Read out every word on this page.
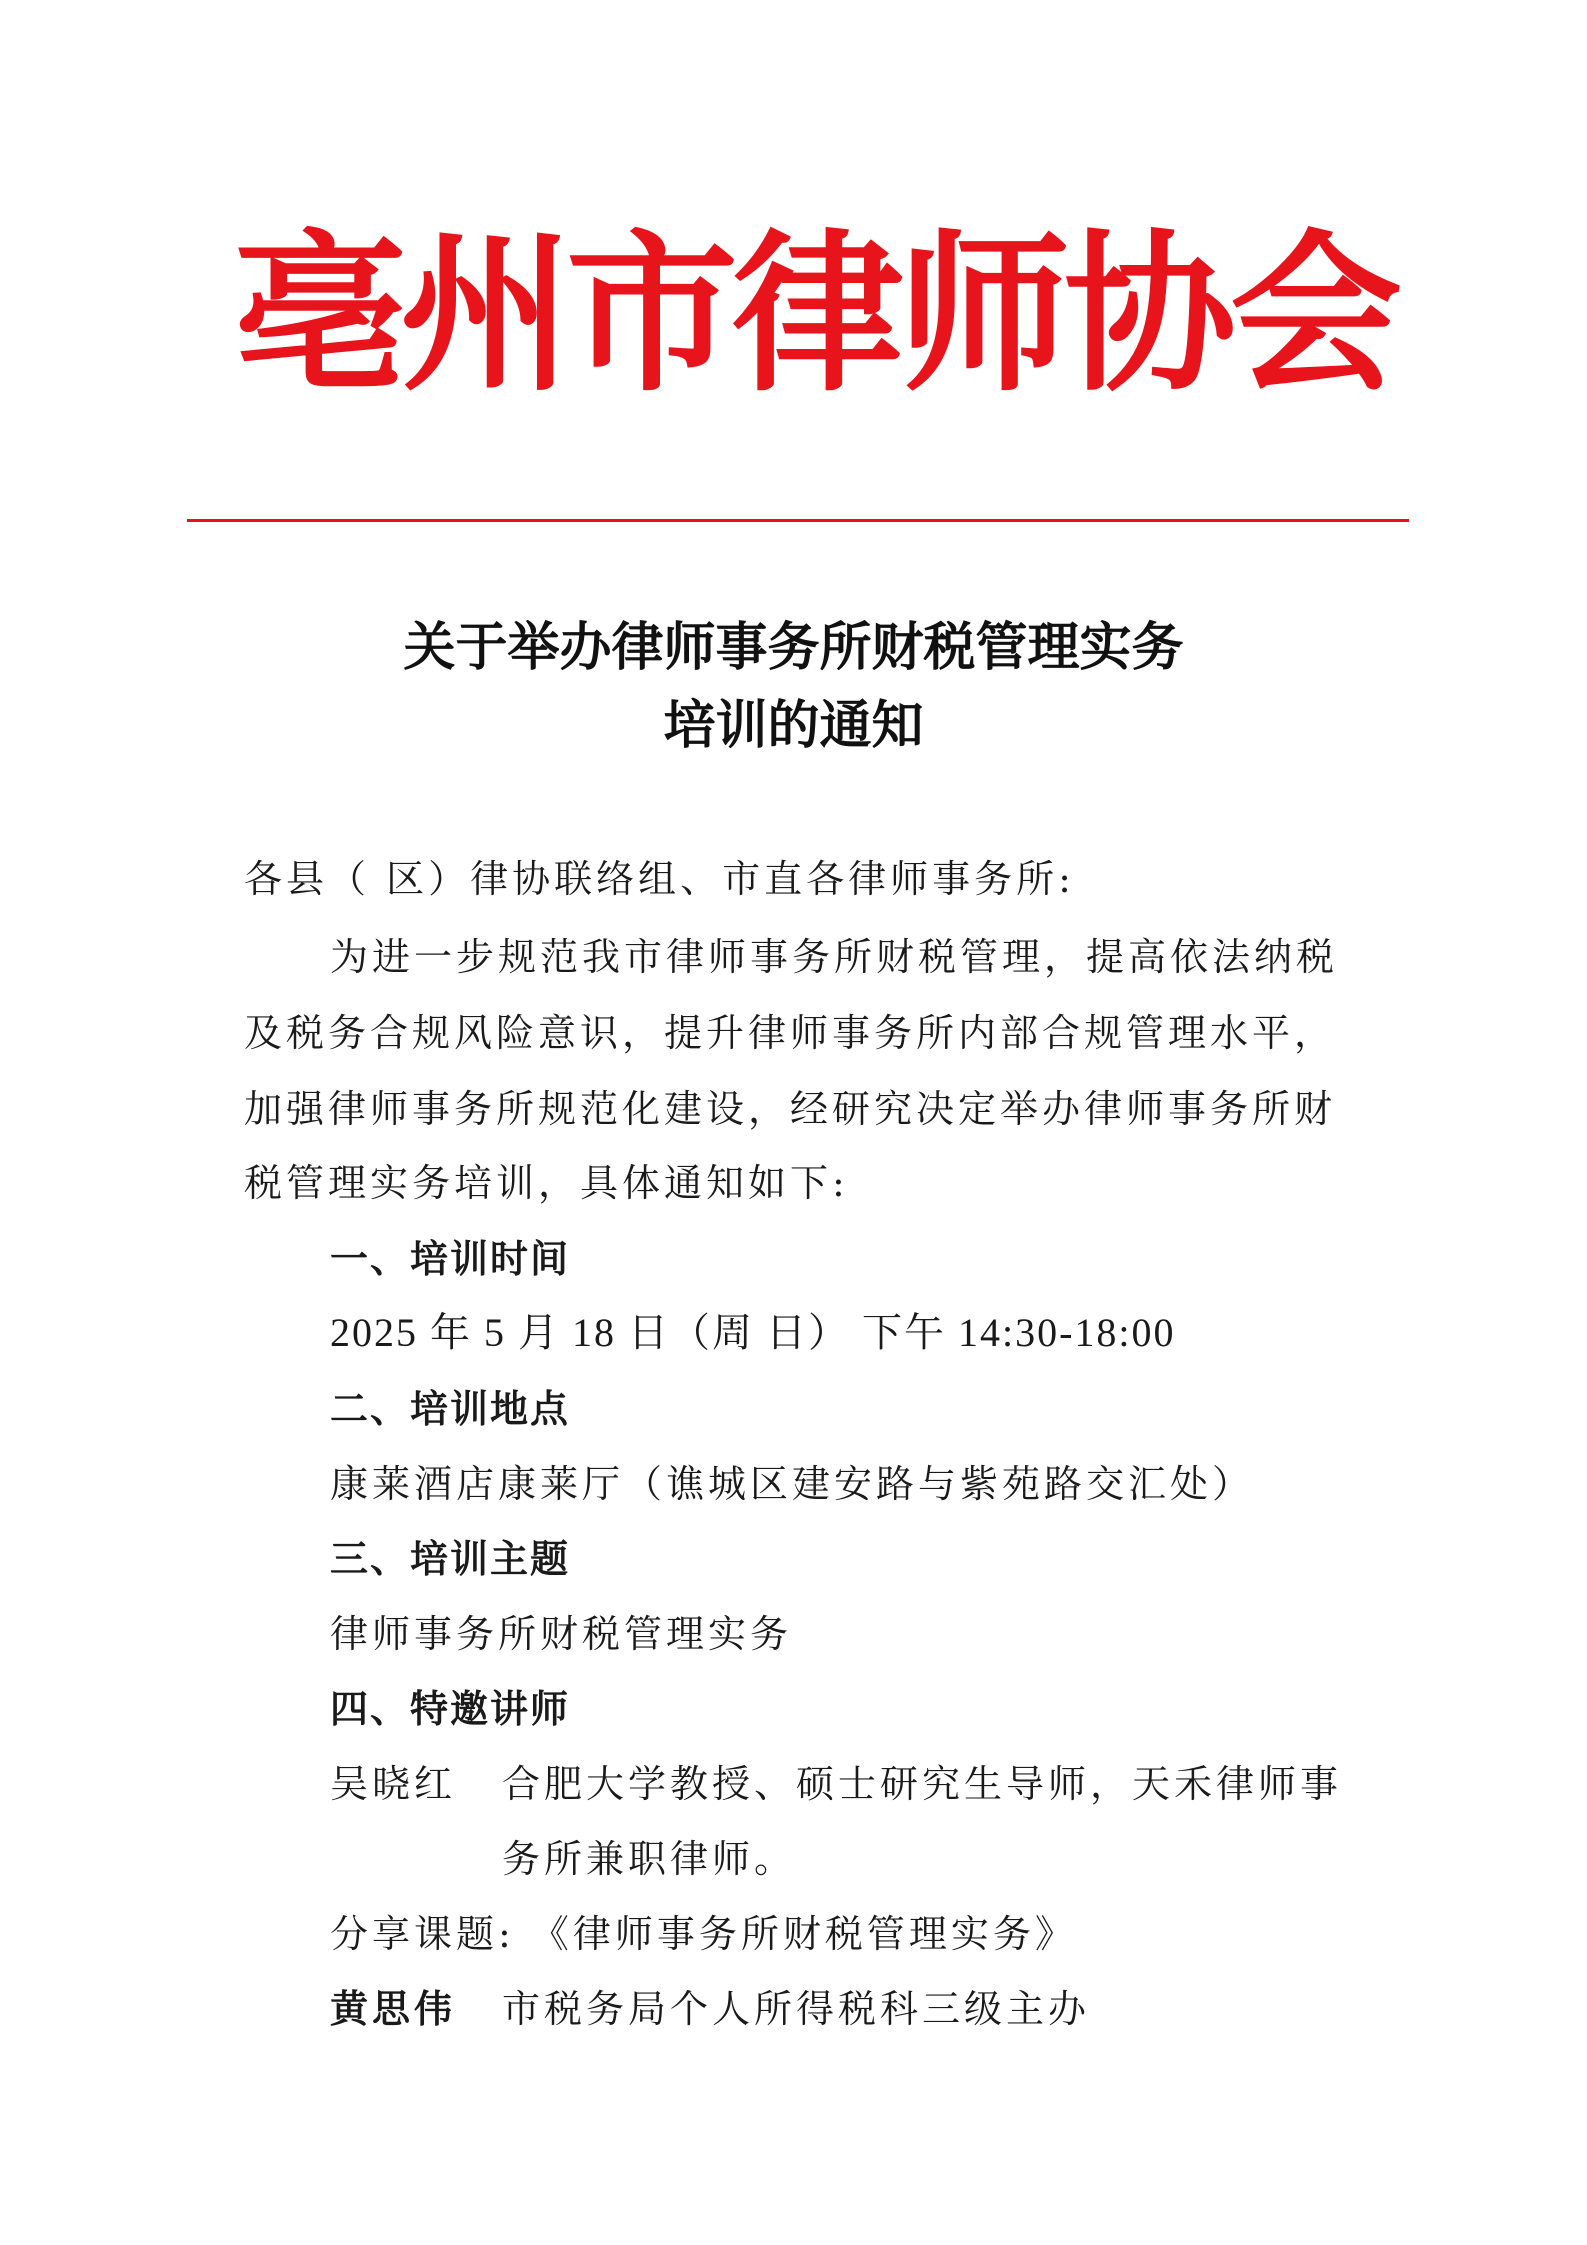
亳州市律师协会
关于举办律师事务所财税管理实务
培训的通知
各县（ 区）律协联络组、市直各律师事务所:
为进一步规范我市律师事务所财税管理，提高依法纳税
及税务合规风险意识，提升律师事务所内部合规管理水平，
加强律师事务所规范化建设，经研究决定举办律师事务所财
税管理实务培训，具体通知如下:
一、培训时间
2025 年 5 月 18 日（周 日） 下午 14:30-18:00
二、培训地点
康莱酒店康莱厅（谯城区建安路与紫苑路交汇处）
三、培训主题
律师事务所财税管理实务
四、特邀讲师
吴晓红 合肥大学教授、硕士研究生导师，天禾律师事
务所兼职律师。
分享课题: 《律师事务所财税管理实务》
黄思伟 市税务局个人所得税科三级主办
